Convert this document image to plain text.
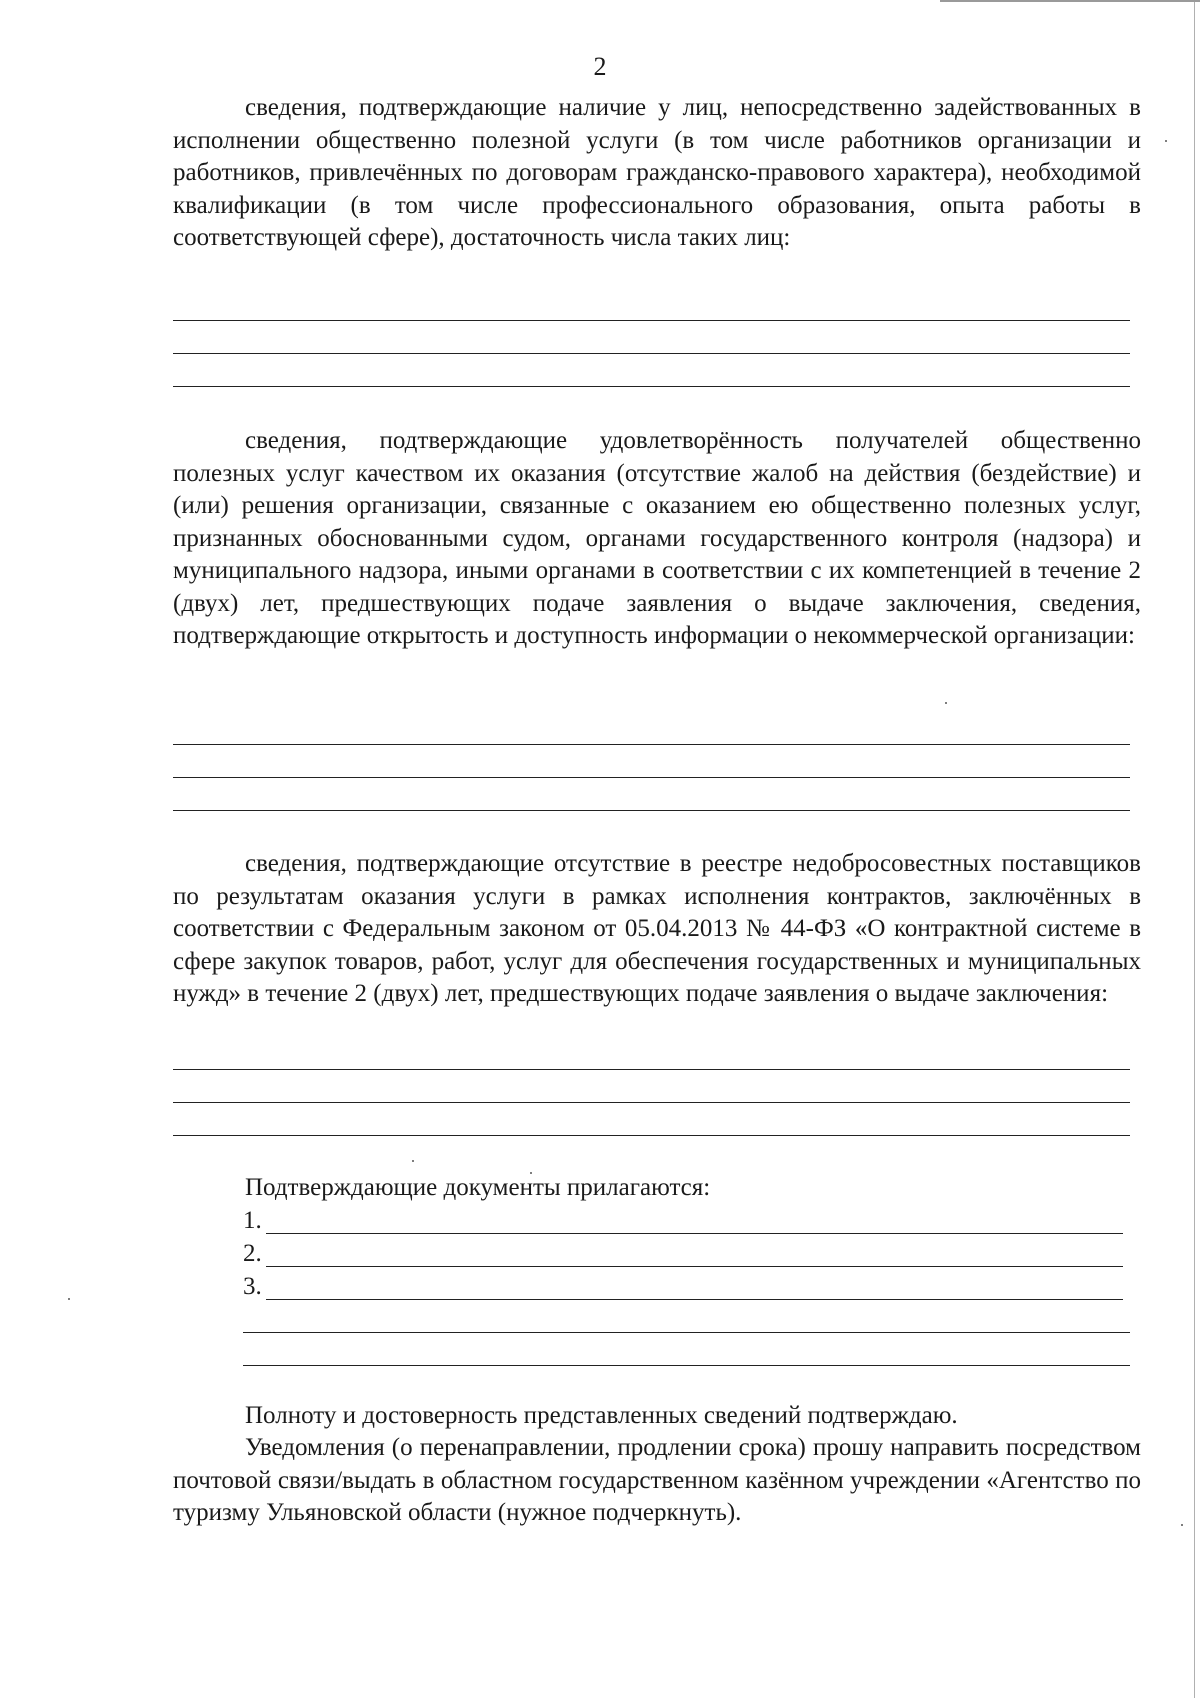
2

сведения, подтверждающие наличие у лиц, непосредственно задействованных в исполнении общественно полезной услуги (в том числе работников организации и работников, привлечённых по договорам гражданско-правового характера), необходимой квалификации (в том числе профессионального образования, опыта работы в соответствующей сфере), достаточность числа таких лиц:

сведения, подтверждающие удовлетворённость получателей общественно полезных услуг качеством их оказания (отсутствие жалоб на действия (бездействие) и (или) решения организации, связанные с оказанием ею общественно полезных услуг, признанных обоснованными судом, органами государственного контроля (надзора) и муниципального надзора, иными органами в соответствии с их компетенцией в течение 2 (двух) лет, предшествующих подаче заявления о выдаче заключения, сведения, подтверждающие открытость и доступность информации о некоммерческой организации:

сведения, подтверждающие отсутствие в реестре недобросовестных поставщиков по результатам оказания услуги в рамках исполнения контрактов, заключённых в соответствии с Федеральным законом от 05.04.2013 № 44-ФЗ «О контрактной системе в сфере закупок товаров, работ, услуг для обеспечения государственных и муниципальных нужд» в течение 2 (двух) лет, предшествующих подаче заявления о выдаче заключения:

Подтверждающие документы прилагаются:

1.
2.
3.

Полноту и достоверность представленных сведений подтверждаю.

Уведомления (о перенаправлении, продлении срока) прошу направить посредством почтовой связи/выдать в областном государственном казённом учреждении «Агентство по туризму Ульяновской области (нужное подчеркнуть).
